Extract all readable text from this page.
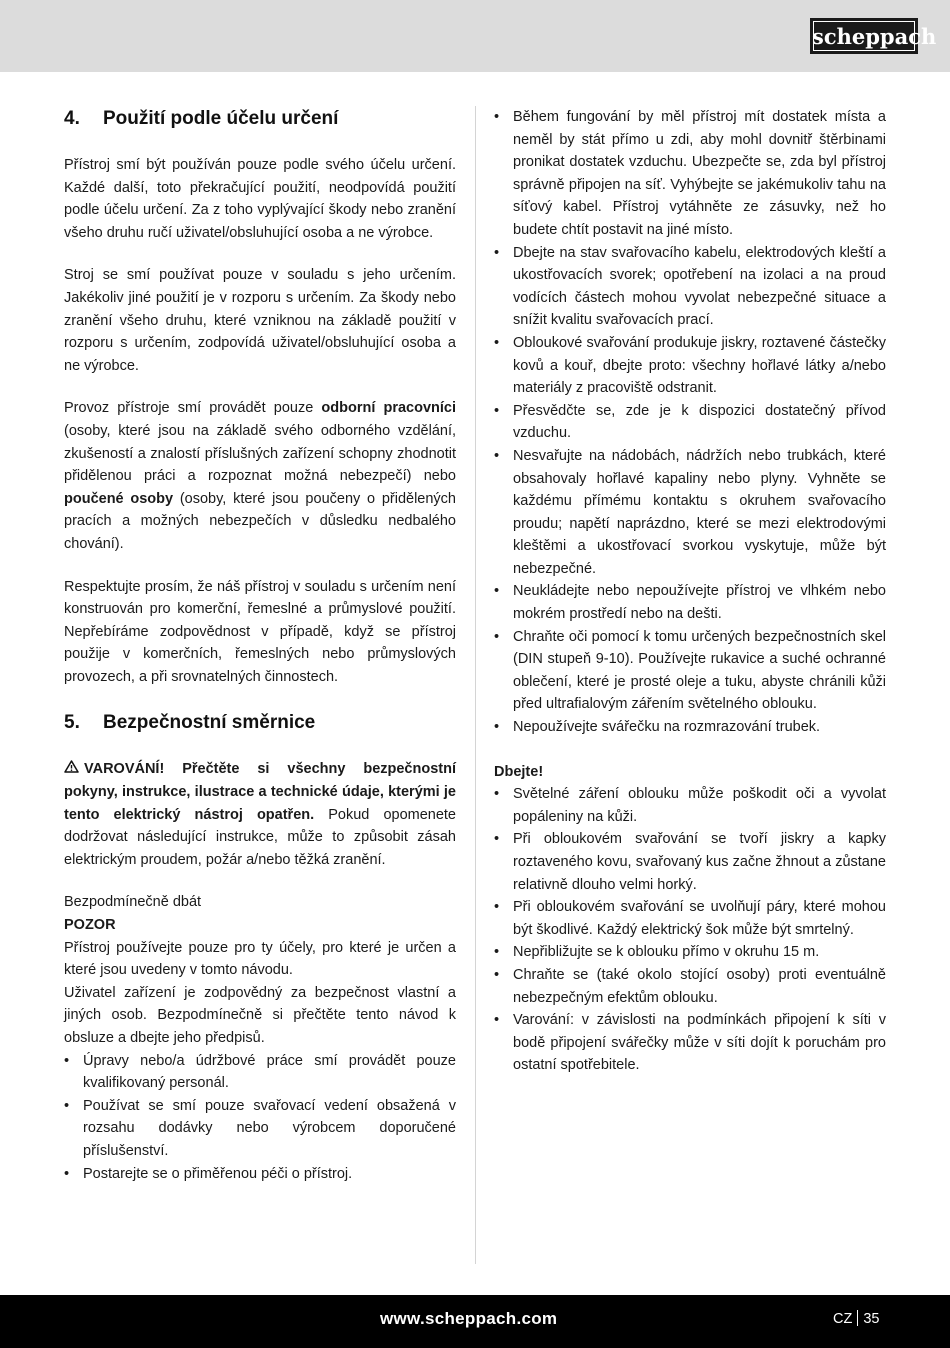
scheppach
4. Použití podle účelu určení

Přístroj smí být používán pouze podle svého účelu určení. Každé další, toto překračující použití, neodpovídá použití podle účelu určení. Za z toho vyplývající škody nebo zranění všeho druhu ručí uživatel/obsluhující osoba a ne výrobce.

Stroj se smí používat pouze v souladu s jeho určením. Jakékoliv jiné použití je v rozporu s určením. Za škody nebo zranění všeho druhu, které vzniknou na základě použití v rozporu s určením, zodpovídá uživatel/obsluhující osoba a ne výrobce.

Provoz přístroje smí provádět pouze odborní pracovníci (osoby, které jsou na základě svého odborného vzdělání, zkušeností a znalostí příslušných zařízení schopny zhodnotit přidělenou práci a rozpoznat možná nebezpečí) nebo poučené osoby (osoby, které jsou poučeny o přidělených pracích a možných nebezpečích v důsledku nedbalého chování).

Respektujte prosím, že náš přístroj v souladu s určením není konstruován pro komerční, řemeslné a průmyslové použití. Nepřebíráme zodpovědnost v případě, když se přístroj použije v komerčních, řemeslných nebo průmyslových provozech, a při srovnatelných činnostech.

5. Bezpečnostní směrnice

VAROVÁNÍ! Přečtěte si všechny bezpečnostní pokyny, instrukce, ilustrace a technické údaje, kterými je tento elektrický nástroj opatřen. Pokud opomenete dodržovat následující instrukce, může to způsobit zásah elektrickým proudem, požár a/nebo těžká zranění.

Bezpodmínečně dbát

POZOR

Přístroj používejte pouze pro ty účely, pro které je určen a které jsou uvedeny v tomto návodu.

Uživatel zařízení je zodpovědný za bezpečnost vlastní a jiných osob. Bezpodmínečně si přečtěte tento návod k obsluze a dbejte jeho předpisů.

• Úpravy nebo/a údržbové práce smí provádět pouze kvalifikovaný personál.
• Používat se smí pouze svařovací vedení obsažená v rozsahu dodávky nebo výrobcem doporučené příslušenství.
• Postarejte se o přiměřenou péči o přístroj.
• Během fungování by měl přístroj mít dostatek místa a neměl by stát přímo u zdi, aby mohl dovnitř štěrbinami pronikat dostatek vzduchu. Ubezpečte se, zda byl přístroj správně připojen na síť. Vyhýbejte se jakémukoliv tahu na síťový kabel. Přístroj vytáhněte ze zásuvky, než ho budete chtít postavit na jiné místo.
• Dbejte na stav svařovacího kabelu, elektrodových kleští a ukostřovacích svorek; opotřebení na izolaci a na proud vodících částech mohou vyvolat nebezpečné situace a snížit kvalitu svařovacích prací.
• Obloukové svařování produkuje jiskry, roztavené částečky kovů a kouř, dbejte proto: všechny hořlavé látky a/nebo materiály z pracoviště odstranit.
• Přesvědčte se, zde je k dispozici dostatečný přívod vzduchu.
• Nesvařujte na nádobách, nádržích nebo trubkách, které obsahovaly hořlavé kapaliny nebo plyny. Vyhněte se každému přímému kontaktu s okruhem svařovacího proudu; napětí naprázdno, které se mezi elektrodovými kleštěmi a ukostřovací svorkou vyskytuje, může být nebezpečné.
• Neukládejte nebo nepoužívejte přístroj ve vlhkém nebo mokrém prostředí nebo na dešti.
• Chraňte oči pomocí k tomu určených bezpečnostních skel (DIN stupeň 9-10). Používejte rukavice a suché ochranné oblečení, které je prosté oleje a tuku, abyste chránili kůži před ultrafialovým zářením světelného oblouku.
• Nepoužívejte svářečku na rozmrazování trubek.

Dbejte!

• Světelné záření oblouku může poškodit oči a vyvolat popáleniny na kůži.
• Při obloukovém svařování se tvoří jiskry a kapky roztaveného kovu, svařovaný kus začne žhnout a zůstane relativně dlouho velmi horký.
• Při obloukovém svařování se uvolňují páry, které mohou být škodlivé. Každý elektrický šok může být smrtelný.
• Nepřibližujte se k oblouku přímo v okruhu 15 m.
• Chraňte se (také okolo stojící osoby) proti eventuálně nebezpečným efektům oblouku.
• Varování: v závislosti na podmínkách připojení k síti v bodě připojení svářečky může v síti dojít k poruchám pro ostatní spotřebitele.
www.scheppach.com	CZ 35
